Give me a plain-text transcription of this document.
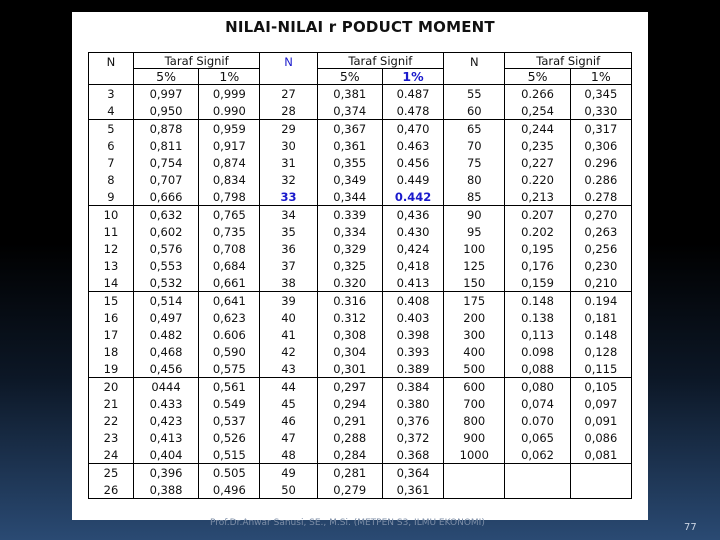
NILAI-NILAI r PODUCT MOMENT
N	Taraf Signif		N	Taraf Signif		N	Taraf Signif	
	5%	1%		5%	1%		5%	1%
3	0,997	0,999	27	0,381	0.487	55	0.266	0,345
4	0,950	0.990	28	0,374	0.478	60	0,254	0,330
5	0,878	0,959	29	0,367	0,470	65	0,244	0,317
6	0,811	0,917	30	0,361	0.463	70	0,235	0,306
7	0,754	0,874	31	0,355	0.456	75	0,227	0.296
8	0,707	0,834	32	0,349	0.449	80	0.220	0.286
9	0,666	0,798	33	0,344	0.442	85	0,213	0.278
10	0,632	0,765	34	0.339	0,436	90	0.207	0,270
11	0,602	0,735	35	0,334	0.430	95	0.202	0,263
12	0,576	0,708	36	0,329	0,424	100	0,195	0,256
13	0,553	0,684	37	0,325	0,418	125	0,176	0,230
14	0,532	0,661	38	0.320	0.413	150	0,159	0,210
15	0,514	0,641	39	0.316	0.408	175	0.148	0.194
16	0,497	0,623	40	0.312	0.403	200	0.138	0,181
17	0.482	0.606	41	0,308	0.398	300	0,113	0.148
18	0,468	0,590	42	0,304	0.393	400	0.098	0,128
19	0,456	0,575	43	0,301	0.389	500	0,088	0,115
20	0444	0,561	44	0,297	0.384	600	0,080	0,105
21	0.433	0.549	45	0,294	0.380	700	0,074	0,097
22	0,423	0,537	46	0,291	0,376	800	0.070	0,091
23	0,413	0,526	47	0,288	0,372	900	0,065	0,086
24	0,404	0,515	48	0,284	0.368	1000	0,062	0,081
25	0,396	0.505	49	0,281	0,364			
26	0,388	0,496	50	0,279	0,361			
Prof.Dr.Anwar Sanusi, SE., M.Si. (METPEN S3, ILMU EKONOMI)	77
